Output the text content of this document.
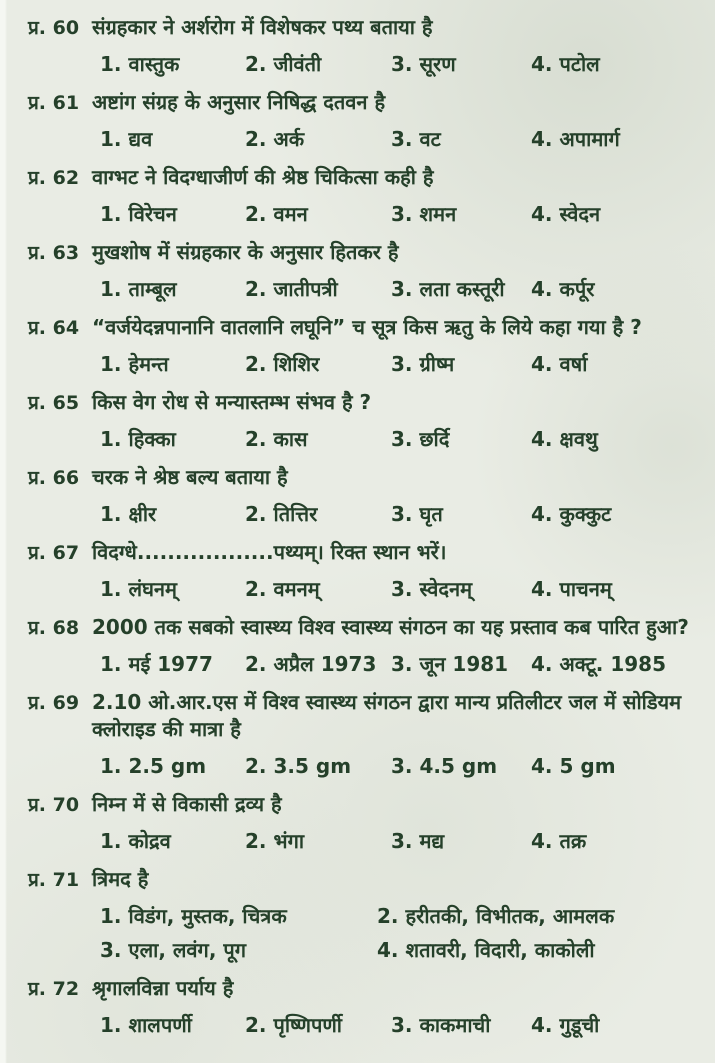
प्र. 60 संग्रहकार ने अर्शरोग में विशेषकर पथ्य बताया है
1. वास्तुक	2. जीवंती	3. सूरण	4. पटोल
प्र. 61 अष्टांग संग्रह के अनुसार निषिद्ध दतवन है
1. द्यव	2. अर्क	3. वट	4. अपामार्ग
प्र. 62 वाग्भट ने विदग्धाजीर्ण की श्रेष्ठ चिकित्सा कही है
1. विरेचन	2. वमन	3. शमन	4. स्वेदन
प्र. 63 मुखशोष में संग्रहकार के अनुसार हितकर है
1. ताम्बूल	2. जातीपत्री	3. लता कस्तूरी	4. कर्पूर
प्र. 64 “वर्जयेदन्नपानानि वातलानि लघूनि” च सूत्र किस ऋतु के लिये कहा गया है ?
1. हेमन्त	2. शिशिर	3. ग्रीष्म	4. वर्षा
प्र. 65 किस वेग रोध से मन्यास्तम्भ संभव है ?
1. हिक्का	2. कास	3. छर्दि	4. क्षवथु
प्र. 66 चरक ने श्रेष्ठ बल्य बताया है
1. क्षीर	2. तित्तिर	3. घृत	4. कुक्कुट
प्र. 67 विदग्धे..................पथ्यम्। रिक्त स्थान भरें।
1. लंघनम्	2. वमनम्	3. स्वेदनम्	4. पाचनम्
प्र. 68 2000 तक सबको स्वास्थ्य विश्व स्वास्थ्य संगठन का यह प्रस्ताव कब पारित हुआ?
1. मई 1977	2. अप्रैल 1973 3. जून 1981	4. अक्टू. 1985
प्र. 69 2.10 ओ.आर.एस में विश्व स्वास्थ्य संगठन द्वारा मान्य प्रतिलीटर जल में सोडियम क्लोराइड की मात्रा है
1. 2.5 gm	2. 3.5 gm	3. 4.5 gm	4. 5 gm
प्र. 70 निम्न में से विकासी द्रव्य है
1. कोद्रव	2. भंगा	3. मद्य	4. तक्र
प्र. 71 त्रिमद है
1. विडंग, मुस्तक, चित्रक	2. हरीतकी, विभीतक, आमलक
3. एला, लवंग, पूग	4. शतावरी, विदारी, काकोली
प्र. 72 श्रृगालविन्ना पर्याय है
1. शालपर्णी	2. पृष्णिपर्णी	3. काकमाची	4. गुडूची
